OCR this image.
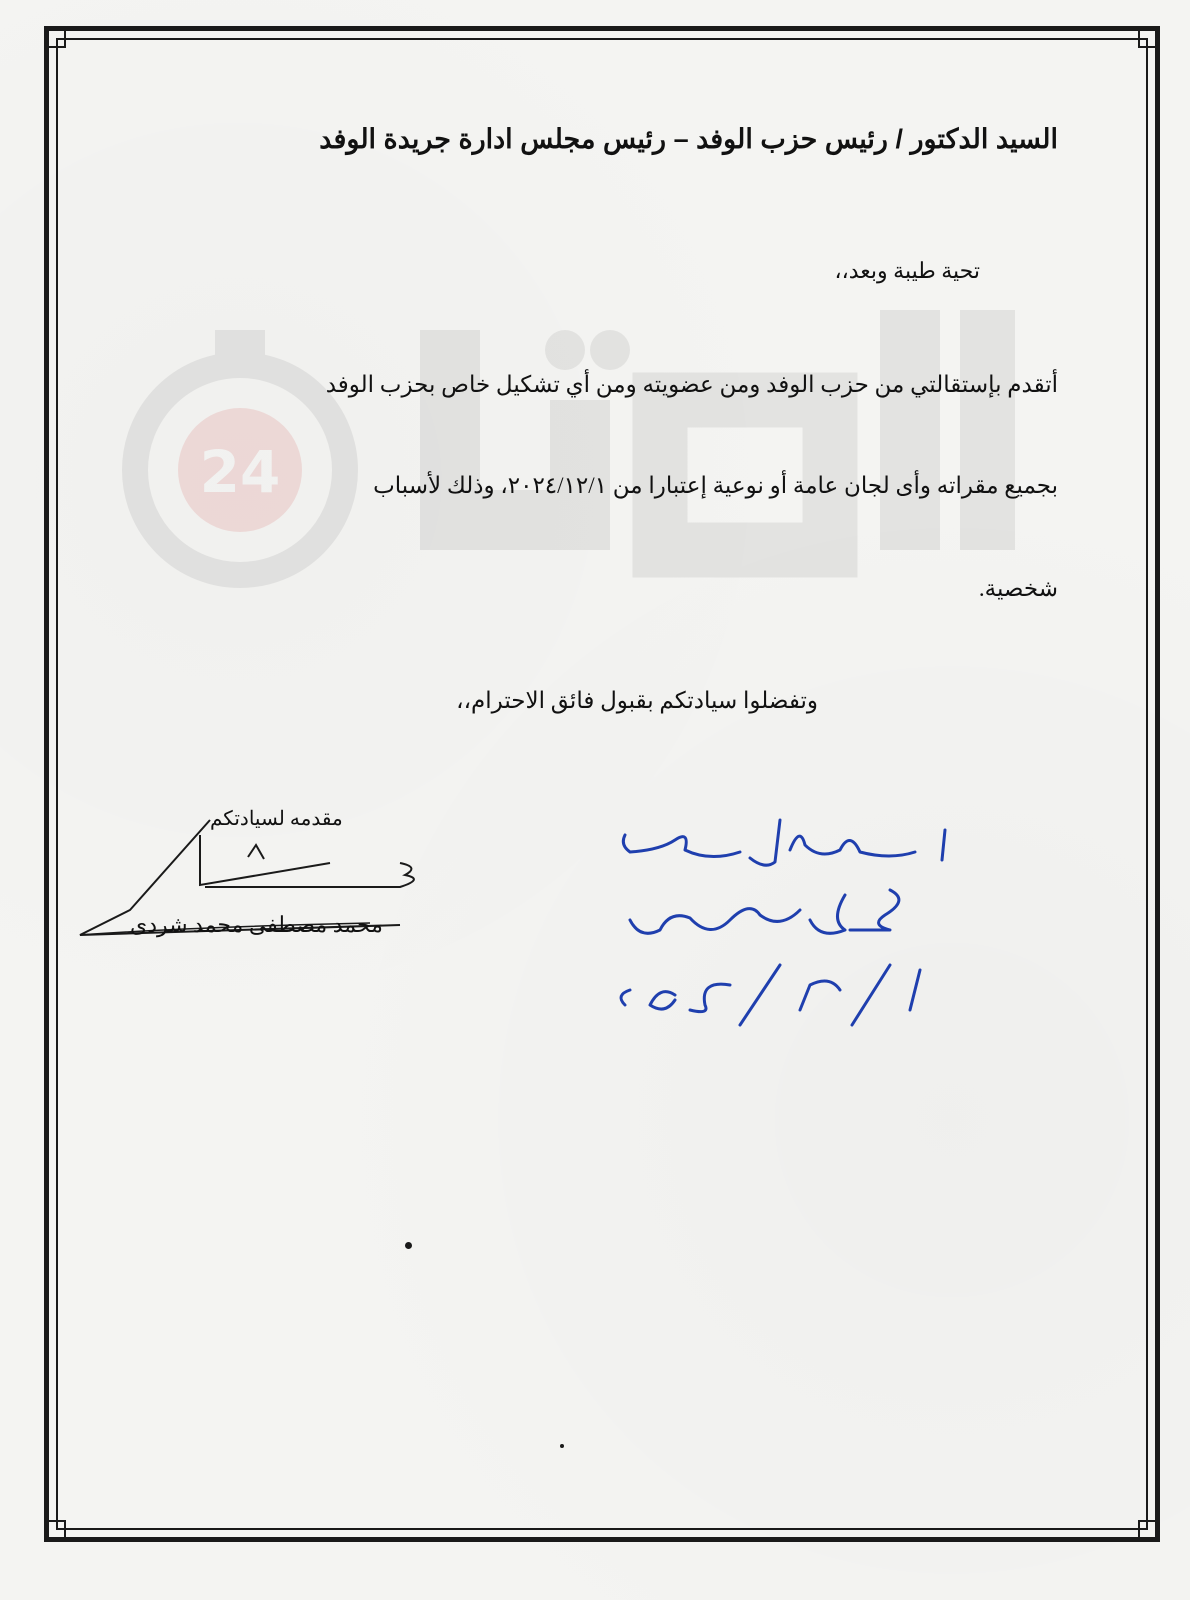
السيد الدكتور / رئيس حزب الوفد – رئيس مجلس ادارة جريدة الوفد
تحية طيبة وبعد،،
أتقدم بإستقالتي من حزب الوفد ومن عضويته ومن أي تشكيل خاص بحزب الوفد
بجميع مقراته وأى لجان عامة أو نوعية إعتبارا من ٢٠٢٤/١٢/١، وذلك لأسباب
شخصية.
وتفضلوا سيادتكم بقبول فائق الاحترام،،
مقدمه لسيادتكم
محمد مصطفى محمد شردى
